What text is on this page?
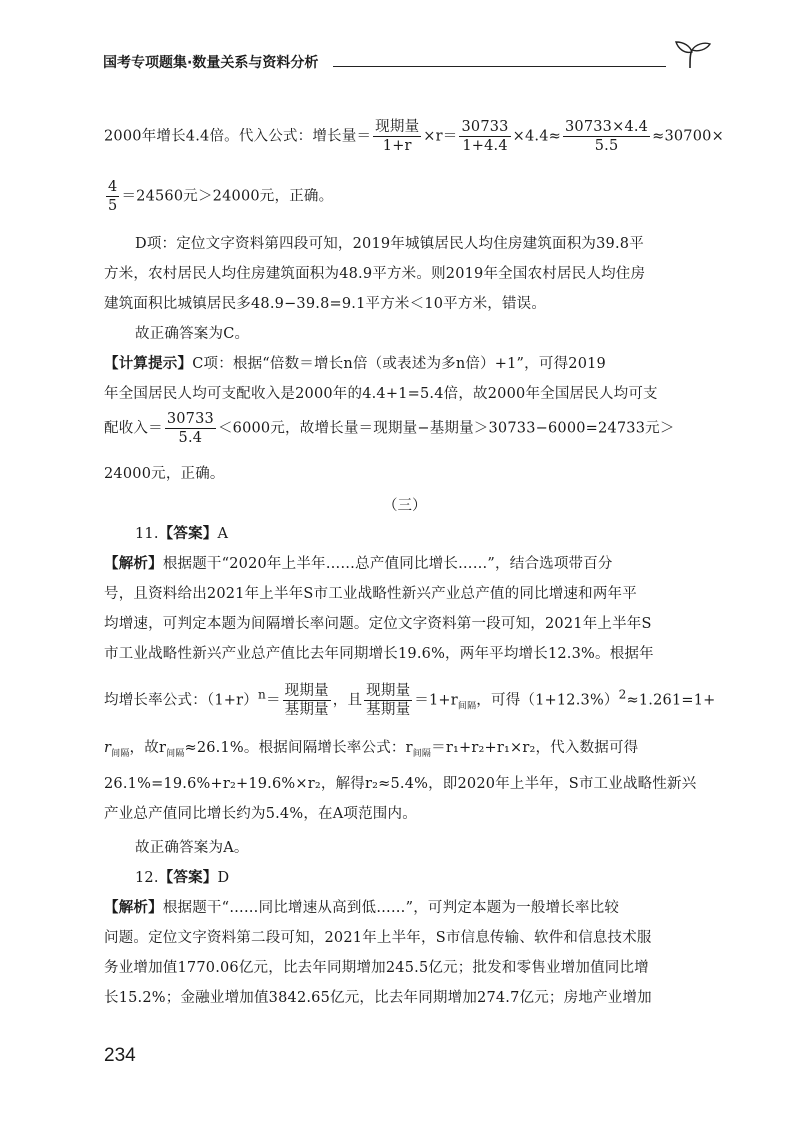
国考专项题集·数量关系与资料分析
2000年增长4.4倍。代入公式：增长量＝ $\frac{\text{现期量}}{1+r} \times r= \frac{30733}{1+4.4} \times 4.4\approx \frac{30733\times 4.4}{5.5} \approx 30700\times$
$\frac{4}{5} =24560$元＞24000元，正确。
D项：定位文字资料第四段可知，2019年城镇居民人均住房建筑面积为39.8平
方米，农村居民人均住房建筑面积为48.9平方米。则2019年全国农村居民人均住房
建筑面积比城镇居民多48.9−39.8=9.1平方米＜10平方米，错误。
故正确答案为C。
【计算提示】C项：根据“倍数＝增长n倍（或表述为多n倍）+1”，可得2019
年全国居民人均可支配收入是2000年的4.4+1=5.4倍，故2000年全国居民人均可支
配收入＝ $\frac{30733}{5.4} <6000$元，故增长量＝现期量−基期量＞30733−6000=24733元＞
24000元，正确。
（三）
11.【答案】A
【解析】根据题干“2020年上半年……总产值同比增长……”，结合选项带百分
号，且资料给出2021年上半年S市工业战略性新兴产业总产值的同比增速和两年平
均增速，可判定本题为间隔增长率问题。定位文字资料第一段可知，2021年上半年S
市工业战略性新兴产业总产值比去年同期增长19.6%，两年平均增长12.3%。根据年
均增长率公式：$(1+r)^n= \frac{\text{现期量}}{\text{基期量}}$ ，且 $\frac{\text{现期量}}{\text{基期量}} =1+r_{间隔}$，可得$(1+12.3\%)^2\approx 1.261=1+$
$r_{间隔}$，故$r_{间隔}\approx 26.1\%$。根据间隔增长率公式：$r_{间隔}=r_1+r_2+r_1\times r_2$，代入数据可得
26.1%=19.6%+r₂+19.6%×r₂，解得r₂≈5.4%，即2020年上半年，S市工业战略性新兴
产业总产值同比增长约为5.4%，在A项范围内。
故正确答案为A。
12.【答案】D
【解析】根据题干“……同比增速从高到低……”，可判定本题为一般增长率比较
问题。定位文字资料第二段可知，2021年上半年，S市信息传输、软件和信息技术服
务业增加值1770.06亿元，比去年同期增加245.5亿元；批发和零售业增加值同比增
长15.2%；金融业增加值3842.65亿元，比去年同期增加274.7亿元；房地产业增加
234
